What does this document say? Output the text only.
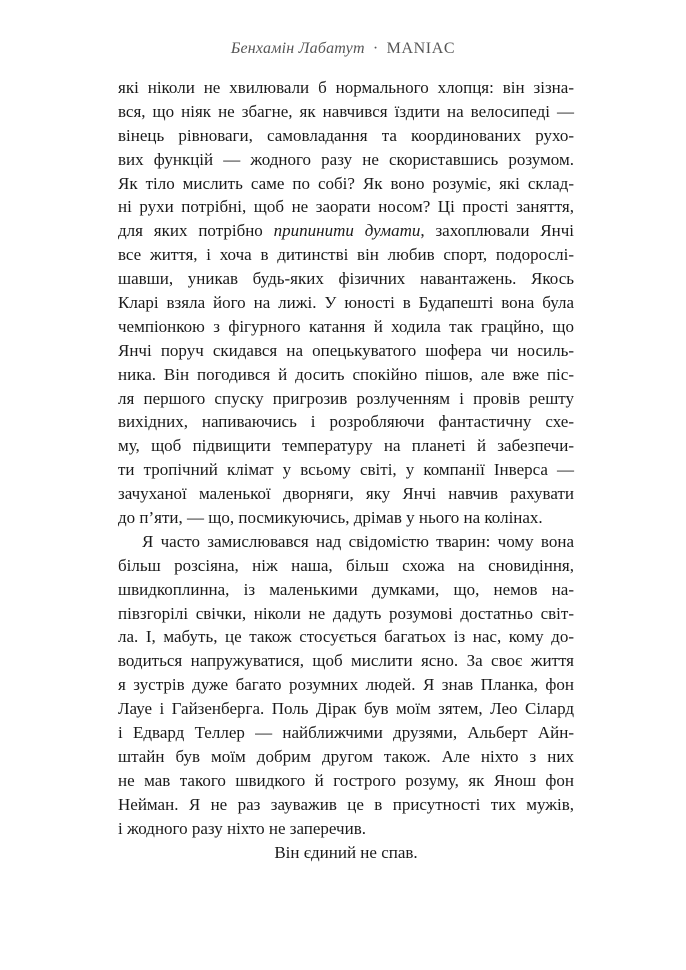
Бенхамін Лабатут · MANIAC
які ніколи не хвилювали б нормального хлопця: він зізна-
вся, що ніяк не збагне, як навчився їздити на велосипеді —
вінець рівноваги, самовладання та координованих рухо-
вих функцій — жодного разу не скориставшись розумом.
Як тіло мислить саме по собі? Як воно розуміє, які склад-
ні рухи потрібні, щоб не заорати носом? Ці прості заняття,
для яких потрібно припинити думати, захоплювали Янчі
все життя, і хоча в дитинстві він любив спорт, подорослі-
шавши, уникав будь-яких фізичних навантажень. Якось
Кларі взяла його на лижі. У юності в Будапешті вона була
чемпіонкою з фігурного катання й ходила так грацйно, що
Янчі поруч скидався на опецькуватого шофера чи носиль-
ника. Він погодився й досить спокійно пішов, але вже піс-
ля першого спуску пригрозив розлученням і провів решту
вихідних, напиваючись і розробляючи фантастичну схе-
му, щоб підвищити температуру на планеті й забезпечи-
ти тропічний клімат у всьому світі, у компанії Інверса —
зачуханої маленької дворняги, яку Янчі навчив рахувати
до п’яти, — що, посмикуючись, дрімав у нього на колінах.
Я часто замислювався над свідомістю тварин: чому вона
більш розсіяна, ніж наша, більш схожа на сновидіння,
швидкоплинна, із маленькими думками, що, немов на-
півзгорілі свічки, ніколи не дадуть розумові достатньо світ-
ла. І, мабуть, це також стосується багатьох із нас, кому до-
водиться напружуватися, щоб мислити ясно. За своє життя
я зустрів дуже багато розумних людей. Я знав Планка, фон
Лауе і Гайзенберга. Поль Дірак був моїм зятем, Лео Сілард
і Едвард Теллер — найближчими друзями, Альберт Айн-
штайн був моїм добрим другом також. Але ніхто з них
не мав такого швидкого й гострого розуму, як Янош фон
Нейман. Я не раз зауважив це в присутності тих мужів,
і жодного разу ніхто не заперечив.
Він єдиний не спав.
